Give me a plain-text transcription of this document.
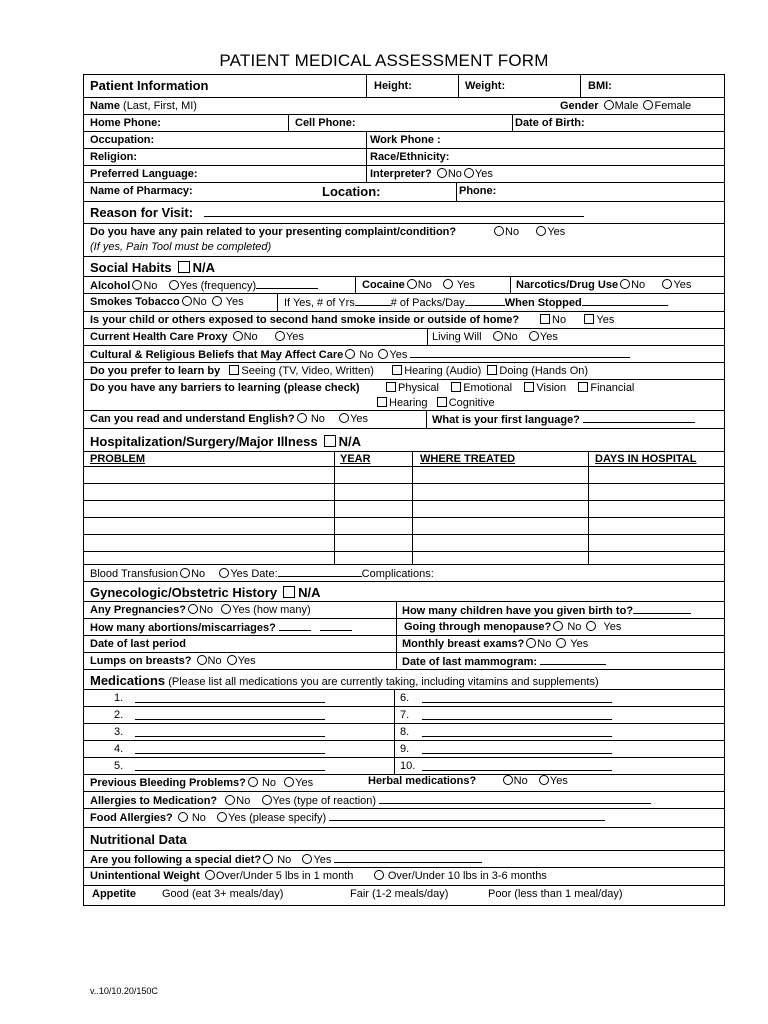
PATIENT MEDICAL ASSESSMENT FORM
Patient Information	Height:	Weight:	BMI:
Name (Last, First, MI)	Gender Male Female
Home Phone:	Cell Phone:	Date of Birth:
Occupation:	Work Phone :
Religion:	Race/Ethnicity:
Preferred Language:	Interpreter? No Yes
Name of Pharmacy:	Location:	Phone:
Reason for Visit:
Do you have any pain related to your presenting complaint/condition?	No	Yes
(If yes, Pain Tool must be completed)
Social Habits N/A
Alcohol No Yes (frequency)	Cocaine No Yes	Narcotics/Drug Use No	Yes
Smokes Tobacco No Yes	If Yes, # of Yrs	# of Packs/Day	When Stopped
Is your child or others exposed to second hand smoke inside or outside of home?	No	Yes
Current Health Care Proxy No	Yes	Living Will No Yes
Cultural & Religious Beliefs that May Affect Care No Yes
Do you prefer to learn by Seeing (TV, Video, Written)	Hearing (Audio) Doing (Hands On)
Do you have any barriers to learning (please check)	Physical Emotional Vision Financial
Hearing Cognitive
Can you read and understand English? No Yes	What is your first language?
Hospitalization/Surgery/Major Illness N/A
PROBLEM	YEAR	WHERE TREATED	DAYS IN HOSPITAL
Blood Transfusion No Yes Date:	Complications:
Gynecologic/Obstetric History N/A
Any Pregnancies? No Yes (how many)	How many children have you given birth to?
How many abortions/miscarriages?	Going through menopause? No Yes
Date of last period	Monthly breast exams? No Yes
Lumps on breasts? No Yes	Date of last mammogram:
Medications (Please list all medications you are currently taking, including vitamins and supplements)
1.	6.
2.	7.
3.	8.
4.	9.
5.	10.
Previous Bleeding Problems? No Yes	Herbal medications?	No Yes
Allergies to Medication? No Yes (type of reaction)
Food Allergies? No Yes (please specify)
Nutritional Data
Are you following a special diet? No Yes
Unintentional Weight Over/Under 5 lbs in 1 month	Over/Under 10 lbs in 3-6 months
Appetite Good (eat 3+ meals/day)	Fair (1-2 meals/day)	Poor (less than 1 meal/day)
v..10/10.20/150C
